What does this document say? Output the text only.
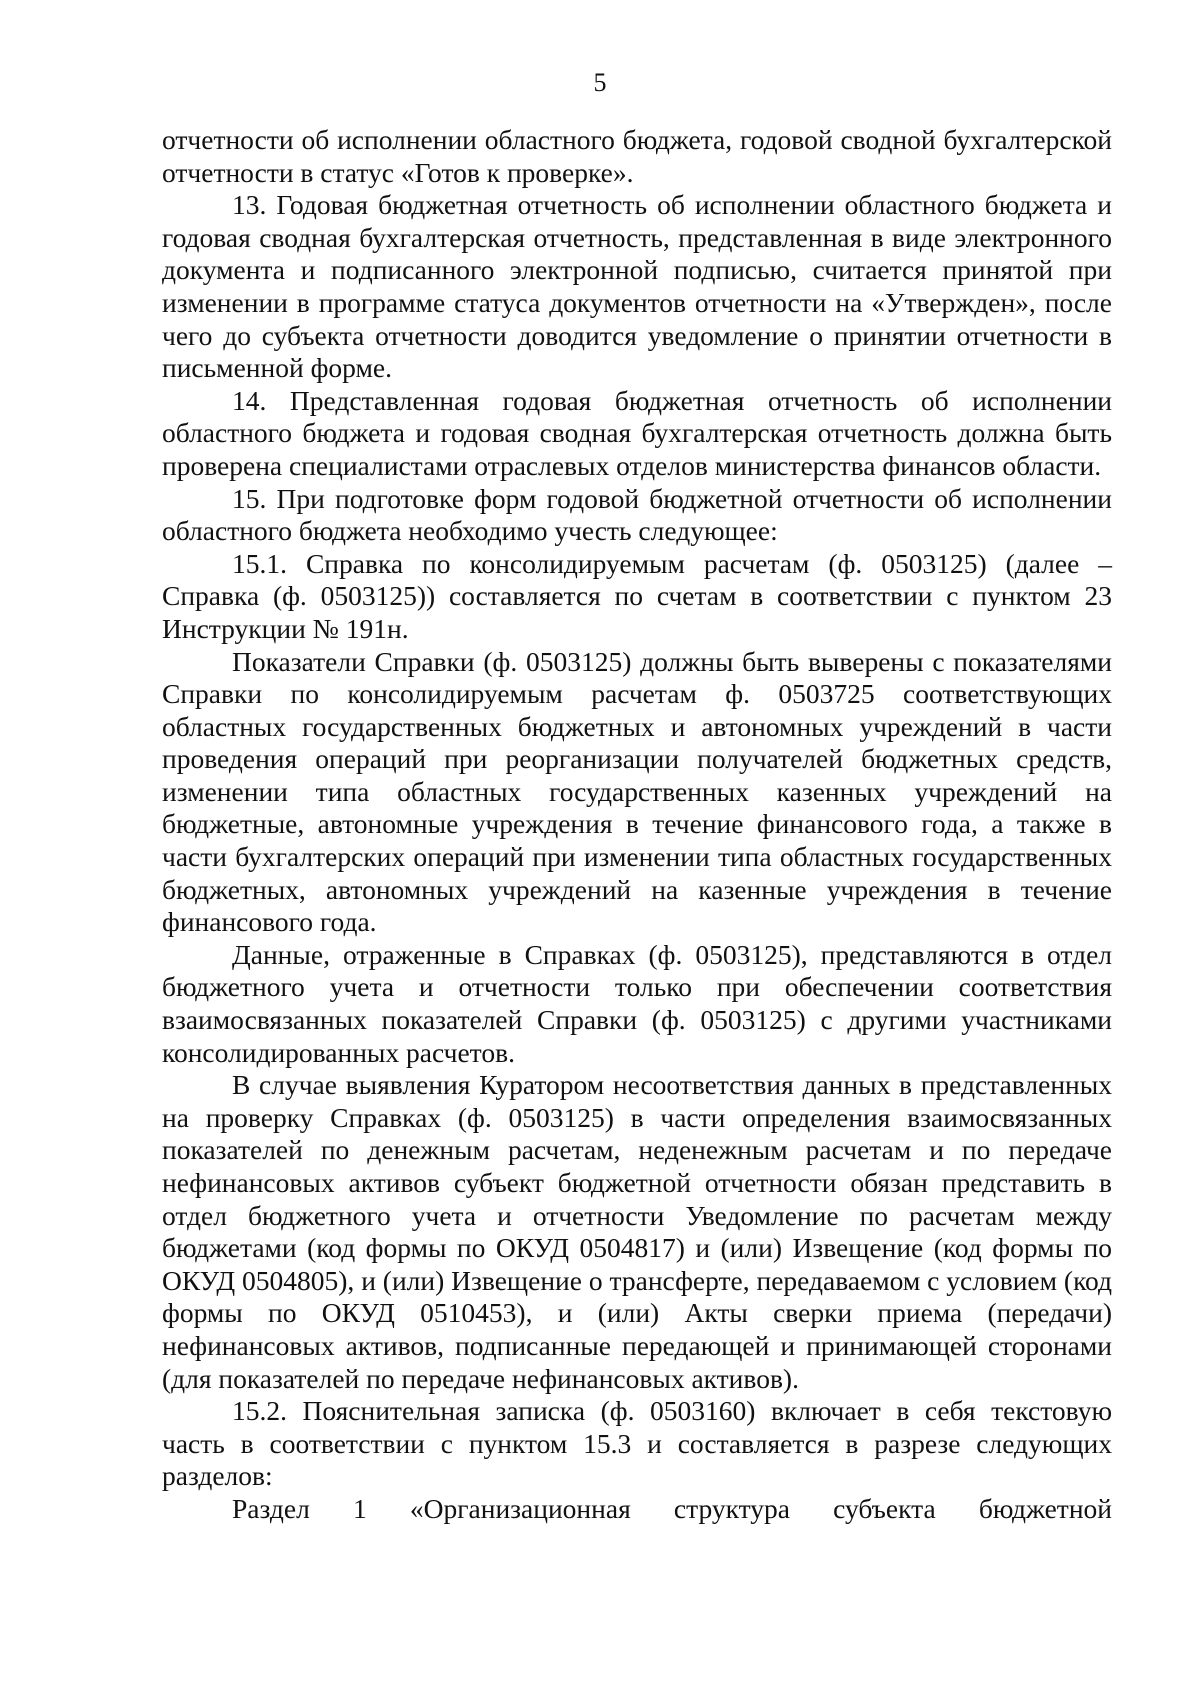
5

отчетности об исполнении областного бюджета, годовой сводной бухгалтерской отчетности в статус «Готов к проверке».

13. Годовая бюджетная отчетность об исполнении областного бюджета и годовая сводная бухгалтерская отчетность, представленная в виде электронного документа и подписанного электронной подписью, считается принятой при изменении в программе статуса документов отчетности на «Утвержден», после чего до субъекта отчетности доводится уведомление о принятии отчетности в письменной форме.

14. Представленная годовая бюджетная отчетность об исполнении областного бюджета и годовая сводная бухгалтерская отчетность должна быть проверена специалистами отраслевых отделов министерства финансов области.

15. При подготовке форм годовой бюджетной отчетности об исполнении областного бюджета необходимо учесть следующее:

15.1. Справка по консолидируемым расчетам (ф. 0503125) (далее – Справка (ф. 0503125)) составляется по счетам в соответствии с пунктом 23 Инструкции № 191н.

Показатели Справки (ф. 0503125) должны быть выверены с показателями Справки по консолидируемым расчетам ф. 0503725 соответствующих областных государственных бюджетных и автономных учреждений в части проведения операций при реорганизации получателей бюджетных средств, изменении типа областных государственных казенных учреждений на бюджетные, автономные учреждения в течение финансового года, а также в части бухгалтерских операций при изменении типа областных государственных бюджетных, автономных учреждений на казенные учреждения в течение финансового года.

Данные, отраженные в Справках (ф. 0503125), представляются в отдел бюджетного учета и отчетности только при обеспечении соответствия взаимосвязанных показателей Справки (ф. 0503125) с другими участниками консолидированных расчетов.

В случае выявления Куратором несоответствия данных в представленных на проверку Справках (ф. 0503125) в части определения взаимосвязанных показателей по денежным расчетам, неденежным расчетам и по передаче нефинансовых активов субъект бюджетной отчетности обязан представить в отдел бюджетного учета и отчетности Уведомление по расчетам между бюджетами (код формы по ОКУД 0504817) и (или) Извещение (код формы по ОКУД 0504805), и (или) Извещение о трансферте, передаваемом с условием (код формы по ОКУД 0510453), и (или) Акты сверки приема (передачи) нефинансовых активов, подписанные передающей и принимающей сторонами (для показателей по передаче нефинансовых активов).

15.2. Пояснительная записка (ф. 0503160) включает в себя текстовую часть в соответствии с пунктом 15.3 и составляется в разрезе следующих разделов:

Раздел 1 «Организационная структура субъекта бюджетной
